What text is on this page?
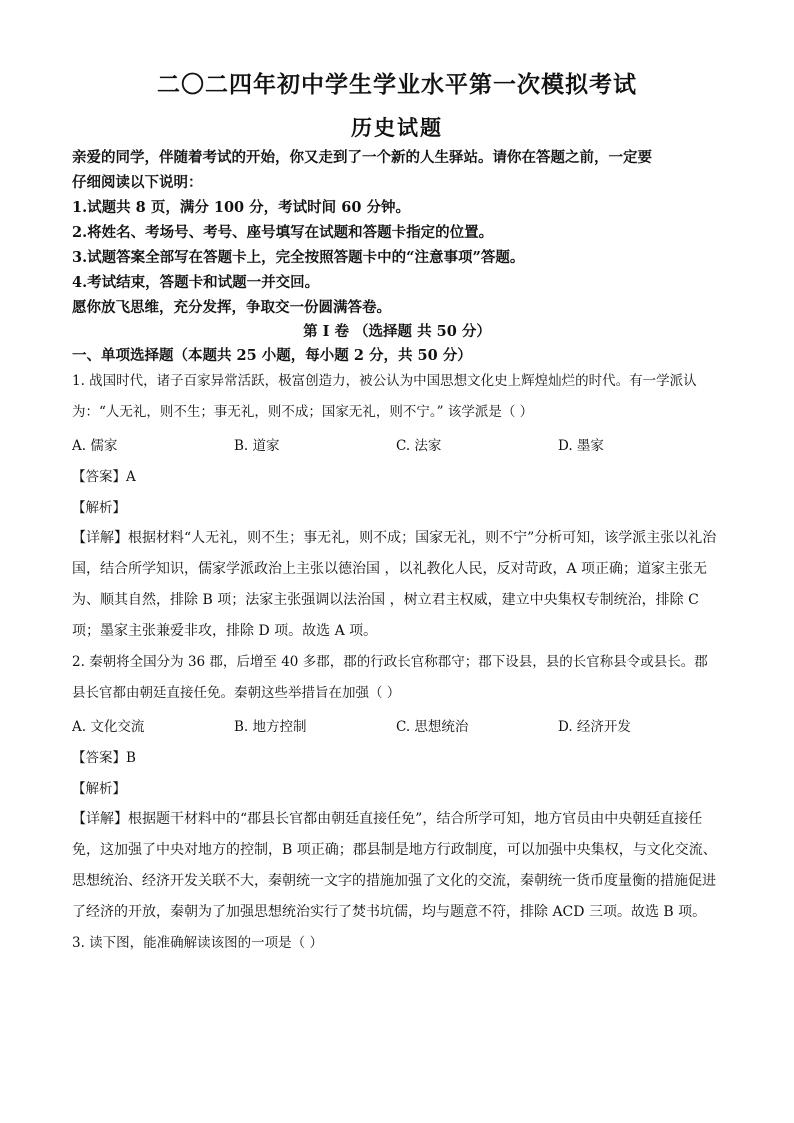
二〇二四年初中学生学业水平第一次模拟考试
历史试题
亲爱的同学，伴随着考试的开始，你又走到了一个新的人生驿站。请你在答题之前，一定要
仔细阅读以下说明：
1.试题共 8 页，满分 100 分，考试时间 60 分钟。
2.将姓名、考场号、考号、座号填写在试题和答题卡指定的位置。
3.试题答案全部写在答题卡上，完全按照答题卡中的“注意事项”答题。
4.考试结束，答题卡和试题一并交回。
愿你放飞思维，充分发挥，争取交一份圆满答卷。
第 I 卷 （选择题 共 50 分）
一、单项选择题（本题共 25 小题，每小题 2 分，共 50 分）
1. 战国时代，诸子百家异常活跃，极富创造力，被公认为中国思想文化史上辉煌灿烂的时代。有一学派认
为：“人无礼，则不生；事无礼，则不成；国家无礼，则不宁。” 该学派是（ ）
A. 儒家	B. 道家	C. 法家	D. 墨家
【答案】A
【解析】
【详解】根据材料“人无礼，则不生；事无礼，则不成；国家无礼，则不宁”分析可知，该学派主张以礼治
国，结合所学知识，儒家学派政治上主张以德治国 ，以礼教化人民，反对苛政，A 项正确；道家主张无
为、顺其自然，排除 B 项；法家主张强调以法治国 ，树立君主权威，建立中央集权专制统治，排除 C
项；墨家主张兼爱非攻，排除 D 项。故选 A 项。
2. 秦朝将全国分为 36 郡，后增至 40 多郡，郡的行政长官称郡守；郡下设县，县的长官称县令或县长。郡
县长官都由朝廷直接任免。秦朝这些举措旨在加强（ ）
A. 文化交流	B. 地方控制	C. 思想统治	D. 经济开发
【答案】B
【解析】
【详解】根据题干材料中的“郡县长官都由朝廷直接任免”，结合所学可知，地方官员由中央朝廷直接任
免，这加强了中央对地方的控制，B 项正确；郡县制是地方行政制度，可以加强中央集权，与文化交流、
思想统治、经济开发关联不大，秦朝统一文字的措施加强了文化的交流，秦朝统一货币度量衡的措施促进
了经济的开放，秦朝为了加强思想统治实行了焚书坑儒，均与题意不符，排除 ACD 三项。故选 B 项。
3. 读下图，能准确解读该图的一项是（ ）
